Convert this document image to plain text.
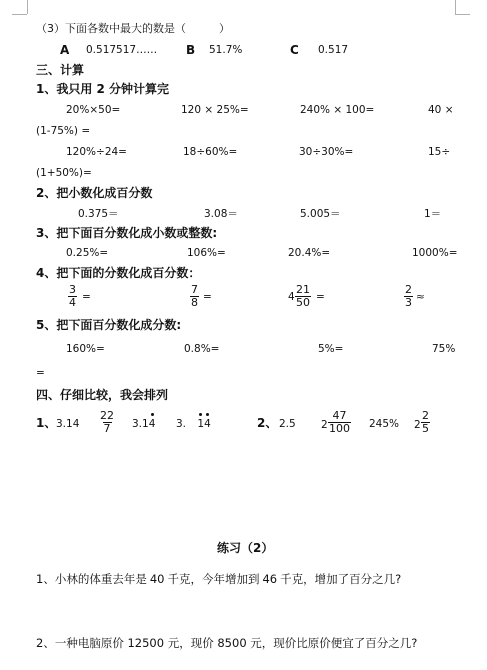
（3）下面各数中最大的数是（　　　）
A 0.517517…… B 51.7%	C 0.517
三、计算
1、我只用 2 分钟计算完
20%×50=	120 × 25%=	240% × 100=	40 ×
(1-75%) =
120%÷24=	18÷60%=	30÷30%=	15÷
(1+50%)=
2、把小数化成百分数
0.375＝	3.08＝	5.005＝	1＝
3、把下面百分数化成小数或整数:
0.25%=	106%=	20.4%=	1000%=
4、把下面的分数化成百分数：
$\frac{3}{4}$ =	$\frac{7}{8}$ =	$4 \frac{21}{50}$ =	$\frac{2}{3}$ ≈
5、把下面百分数化成分数:
160%=	0.8%=	5%=	75%
=
四、仔细比较，我会排列
1、 $3.14 \frac{22}{7} 3.14$ 3. 14	2、 2.5 $2 \frac{47}{100} 245\%$ $2 \frac{2}{5}$
练习（2）
1、小林的体重去年是 40 千克，今年增加到 46 千克，增加了百分之几?
2、一种电脑原价 12500 元，现价 8500 元，现价比原价便宜了百分之几?
